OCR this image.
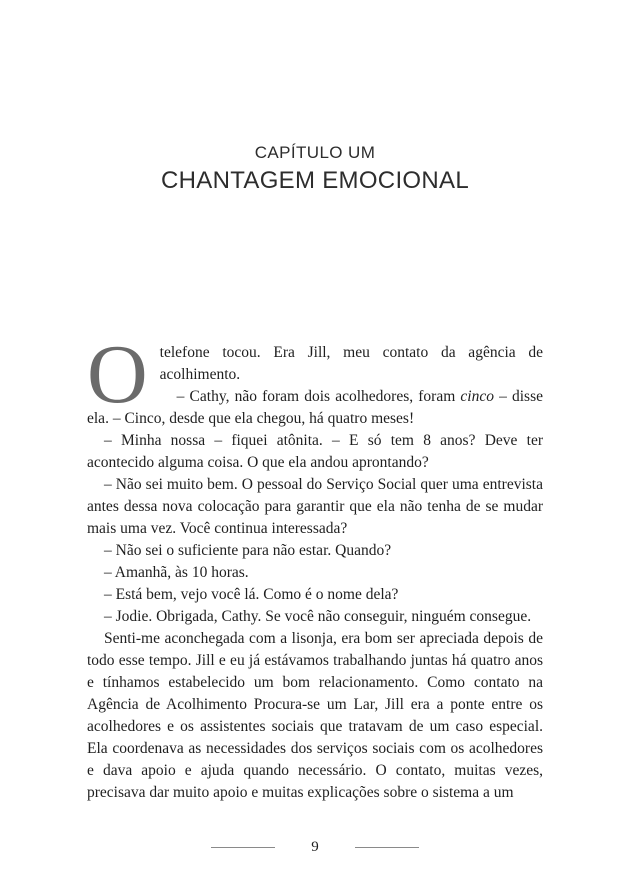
CAPÍTULO UM
CHANTAGEM EMOCIONAL

Otelefone tocou. Era Jill, meu contato da agência de acolhimento.

– Cathy, não foram dois acolhedores, foram cinco – disse ela. – Cinco, desde que ela chegou, há quatro meses!

– Minha nossa – fiquei atônita. – E só tem 8 anos? Deve ter acontecido alguma coisa. O que ela andou aprontando?

– Não sei muito bem. O pessoal do Serviço Social quer uma entrevista antes dessa nova colocação para garantir que ela não tenha de se mudar mais uma vez. Você continua interessada?

– Não sei o suficiente para não estar. Quando?

– Amanhã, às 10 horas.

– Está bem, vejo você lá. Como é o nome dela?

– Jodie. Obrigada, Cathy. Se você não conseguir, ninguém consegue.

Senti-me aconchegada com a lisonja, era bom ser apreciada depois de todo esse tempo. Jill e eu já estávamos trabalhando juntas há quatro anos e tínhamos estabelecido um bom relacionamento. Como contato na Agência de Acolhimento Procura-se um Lar, Jill era a ponte entre os acolhedores e os assistentes sociais que tratavam de um caso especial. Ela coordenava as necessidades dos serviços sociais com os acolhedores e dava apoio e ajuda quando necessário. O contato, muitas vezes, precisava dar muito apoio e muitas explicações sobre o sistema a um

9
